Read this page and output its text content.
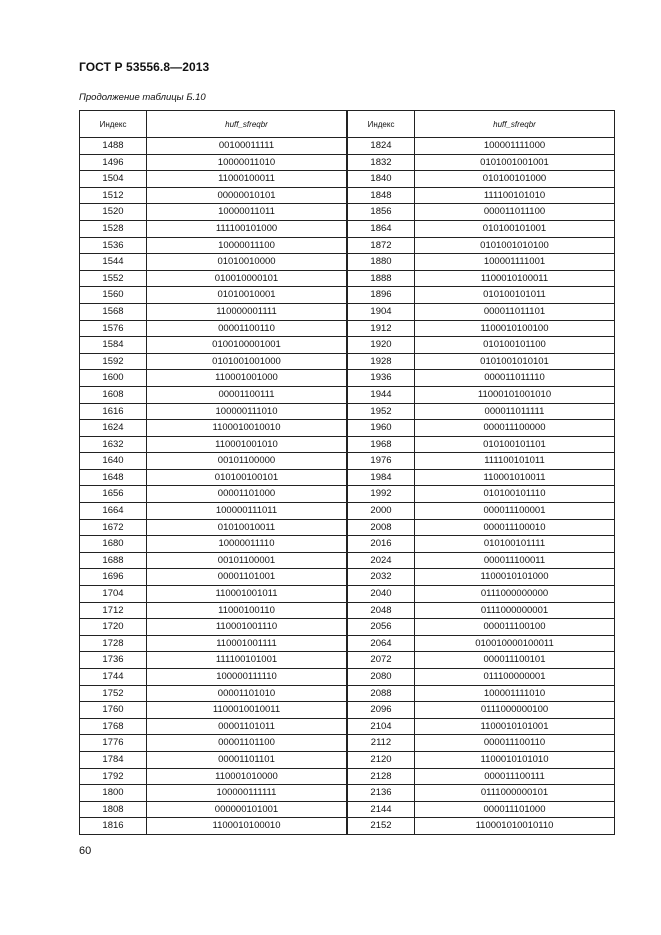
ГОСТ Р 53556.8—2013
Продолжение таблицы Б.10
Индекс	huff_sfreqbr
1488	00100011111
1496	10000011010
1504	11000100011
1512	00000010101
1520	10000011011
1528	111100101000
1536	10000011100
1544	01010010000
1552	010010000101
1560	01010010001
1568	110000001111
1576	00001100110
1584	0100100001001
1592	0101001001000
1600	110001001000
1608	00001100111
1616	100000111010
1624	1100010010010
1632	110001001010
1640	00101100000
1648	010100100101
1656	00001101000
1664	100000111011
1672	01010010011
1680	10000011110
1688	00101100001
1696	00001101001
1704	110001001011
1712	11000100110
1720	110001001110
1728	110001001111
1736	111100101001
1744	100000111110
1752	00001101010
1760	1100010010011
1768	00001101011
1776	00001101100
1784	00001101101
1792	110001010000
1800	100000111111
1808	000000101001
1816	1100010100010
Индекс	huff_sfreqbr
1824	100001111000
1832	0101001001001
1840	010100101000
1848	111100101010
1856	000011011100
1864	010100101001
1872	0101001010100
1880	100001111001
1888	1100010100011
1896	010100101011
1904	000011011101
1912	1100010100100
1920	010100101100
1928	0101001010101
1936	000011011110
1944	11000101001010
1952	000011011111
1960	000011100000
1968	010100101101
1976	111100101011
1984	110001010011
1992	010100101110
2000	000011100001
2008	000011100010
2016	010100101111
2024	000011100011
2032	1100010101000
2040	0111000000000
2048	0111000000001
2056	000011100100
2064	010010000100011
2072	000011100101
2080	011100000001
2088	100001111010
2096	0111000000100
2104	1100010101001
2112	000011100110
2120	1100010101010
2128	000011100111
2136	0111000000101
2144	000011101000
2152	110001010010110
60
